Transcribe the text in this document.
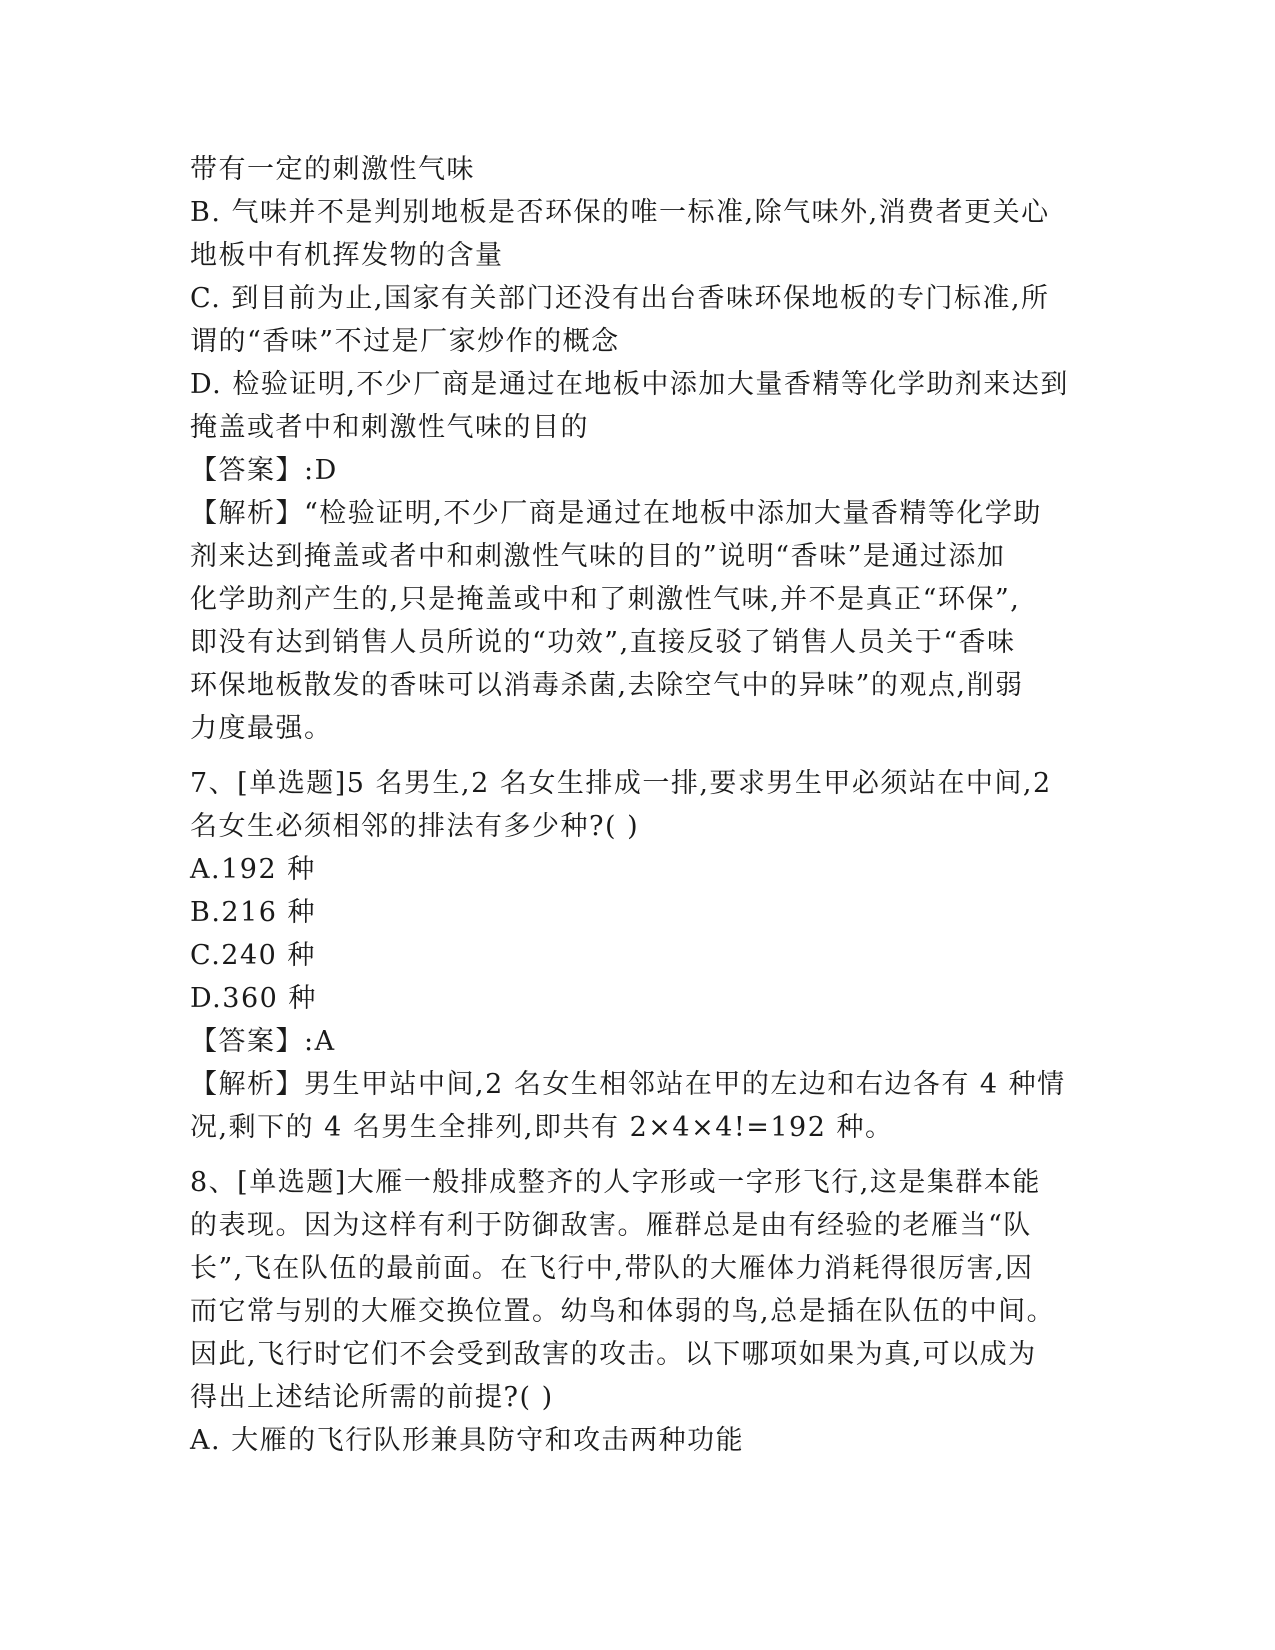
带有一定的刺激性气味
B. 气味并不是判别地板是否环保的唯一标准,除气味外,消费者更关心
地板中有机挥发物的含量
C. 到目前为止,国家有关部门还没有出台香味环保地板的专门标准,所
谓的“香味”不过是厂家炒作的概念
D. 检验证明,不少厂商是通过在地板中添加大量香精等化学助剂来达到
掩盖或者中和刺激性气味的目的
【答案】:D
【解析】“检验证明,不少厂商是通过在地板中添加大量香精等化学助
剂来达到掩盖或者中和刺激性气味的目的”说明“香味”是通过添加
化学助剂产生的,只是掩盖或中和了刺激性气味,并不是真正“环保”,
即没有达到销售人员所说的“功效”,直接反驳了销售人员关于“香味
环保地板散发的香味可以消毒杀菌,去除空气中的异味”的观点,削弱
力度最强。
7、[单选题]5 名男生,2 名女生排成一排,要求男生甲必须站在中间,2
名女生必须相邻的排法有多少种?( )
A.192 种
B.216 种
C.240 种
D.360 种
【答案】:A
【解析】男生甲站中间,2 名女生相邻站在甲的左边和右边各有 4 种情
况,剩下的 4 名男生全排列,即共有 2×4×4!=192 种。
8、[单选题]大雁一般排成整齐的人字形或一字形飞行,这是集群本能
的表现。因为这样有利于防御敌害。雁群总是由有经验的老雁当“队
长”,飞在队伍的最前面。在飞行中,带队的大雁体力消耗得很厉害,因
而它常与别的大雁交换位置。幼鸟和体弱的鸟,总是插在队伍的中间。
因此,飞行时它们不会受到敌害的攻击。以下哪项如果为真,可以成为
得出上述结论所需的前提?( )
A. 大雁的飞行队形兼具防守和攻击两种功能
